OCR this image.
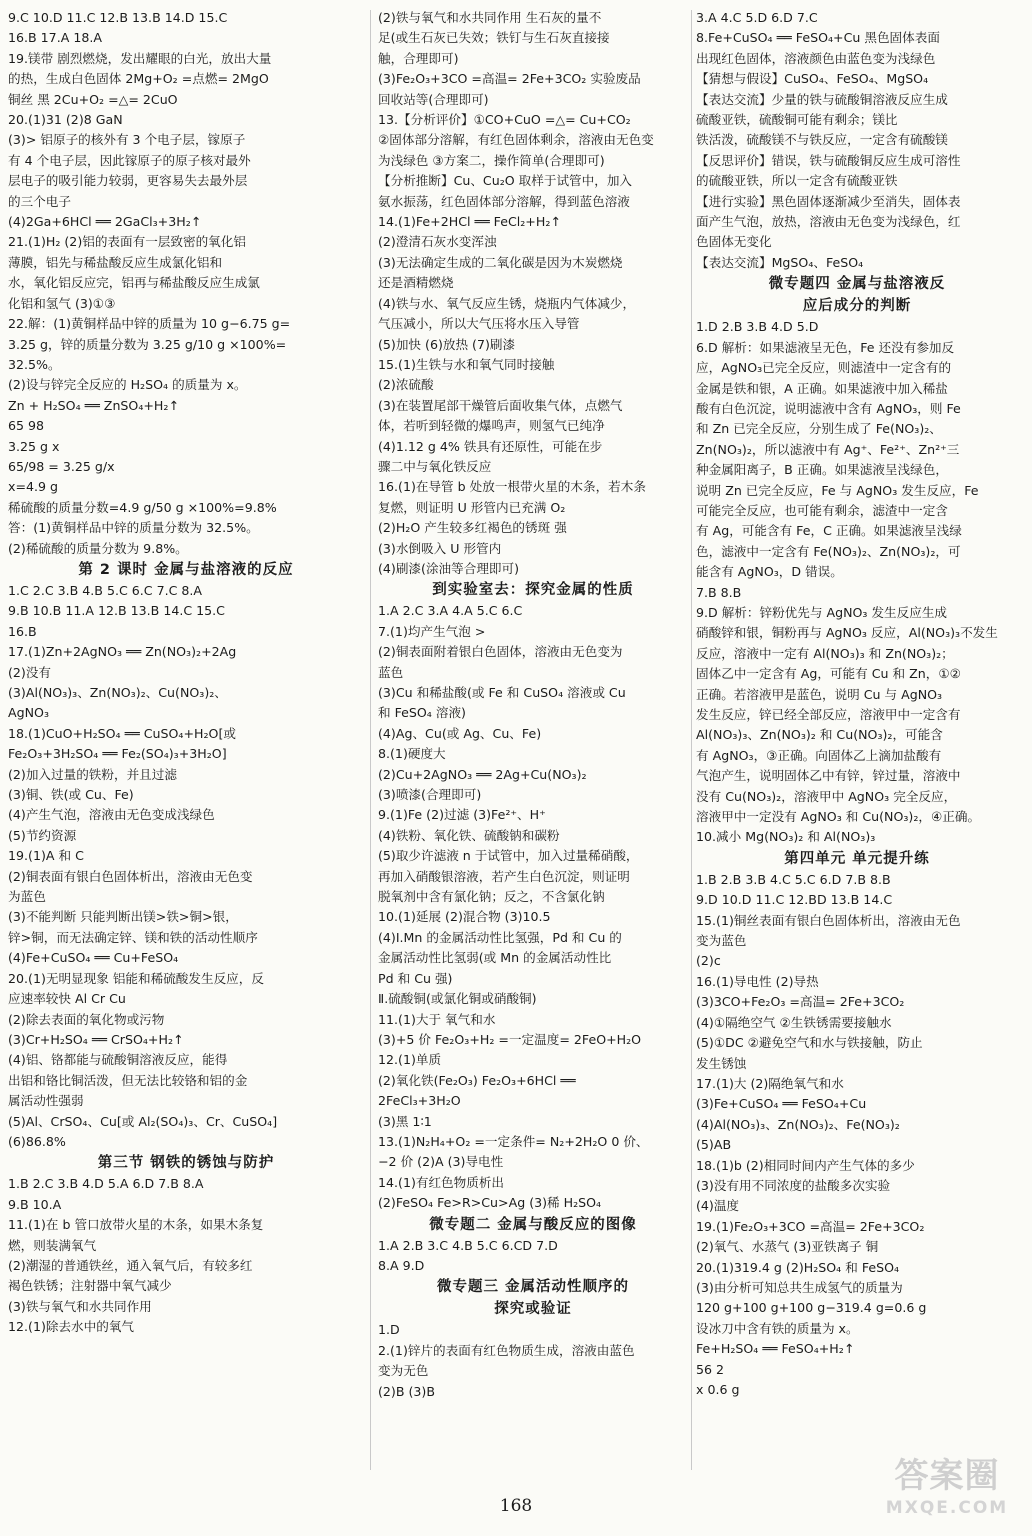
9.C 10.D 11.C 12.B 13.B 14.D 15.C
16.B 17.A 18.A
19.镁带 剧烈燃烧，发出耀眼的白光，放出大量
的热，生成白色固体 2Mg+O₂ =点燃= 2MgO
铜丝 黑 2Cu+O₂ =△= 2CuO
20.(1)31 (2)8 GaN
(3)> 铝原子的核外有 3 个电子层，镓原子
有 4 个电子层，因此镓原子的原子核对最外
层电子的吸引能力较弱，更容易失去最外层
的三个电子
(4)2Ga+6HCl ══ 2GaCl₃+3H₂↑
21.(1)H₂ (2)铝的表面有一层致密的氧化铝
薄膜，铝先与稀盐酸反应生成氯化铝和
水，氧化铝反应完，铝再与稀盐酸反应生成氯
化铝和氢气 (3)①③
22.解：(1)黄铜样品中锌的质量为 10 g−6.75 g=
3.25 g，锌的质量分数为 3.25 g/10 g ×100%=
32.5%。
(2)设与锌完全反应的 H₂SO₄ 的质量为 x。
Zn + H₂SO₄ ══ ZnSO₄+H₂↑
65 98
3.25 g x
65/98 = 3.25 g/x
x=4.9 g
稀硫酸的质量分数=4.9 g/50 g ×100%=9.8%
答：(1)黄铜样品中锌的质量分数为 32.5%。
(2)稀硫酸的质量分数为 9.8%。
第 2 课时 金属与盐溶液的反应
1.C 2.C 3.B 4.B 5.C 6.C 7.C 8.A
9.B 10.B 11.A 12.B 13.B 14.C 15.C
16.B
17.(1)Zn+2AgNO₃ ══ Zn(NO₃)₂+2Ag
(2)没有
(3)Al(NO₃)₃、Zn(NO₃)₂、Cu(NO₃)₂、
AgNO₃
18.(1)CuO+H₂SO₄ ══ CuSO₄+H₂O[或
Fe₂O₃+3H₂SO₄ ══ Fe₂(SO₄)₃+3H₂O]
(2)加入过量的铁粉，并且过滤
(3)铜、铁(或 Cu、Fe)
(4)产生气泡，溶液由无色变成浅绿色
(5)节约资源
19.(1)A 和 C
(2)铜表面有银白色固体析出，溶液由无色变
为蓝色
(3)不能判断 只能判断出镁>铁>铜>银，
锌>铜，而无法确定锌、镁和铁的活动性顺序
(4)Fe+CuSO₄ ══ Cu+FeSO₄
20.(1)无明显现象 铝能和稀硫酸发生反应，反
应速率较快 Al Cr Cu
(2)除去表面的氧化物或污物
(3)Cr+H₂SO₄ ══ CrSO₄+H₂↑
(4)铝、铬都能与硫酸铜溶液反应，能得
出铝和铬比铜活泼，但无法比较铬和铝的金
属活动性强弱
(5)Al、CrSO₄、Cu[或 Al₂(SO₄)₃、Cr、CuSO₄]
(6)86.8%
第三节 钢铁的锈蚀与防护
1.B 2.C 3.B 4.D 5.A 6.D 7.B 8.A
9.B 10.A
11.(1)在 b 管口放带火星的木条，如果木条复
燃，则装满氧气
(2)潮湿的普通铁丝，通入氧气后，有较多红
褐色铁锈；注射器中氧气减少
(3)铁与氧气和水共同作用
12.(1)除去水中的氧气
(2)铁与氧气和水共同作用 生石灰的量不
足(或生石灰已失效；铁钉与生石灰直接接
触，合理即可)
(3)Fe₂O₃+3CO =高温= 2Fe+3CO₂ 实验废品
回收站等(合理即可)
13.【分析评价】①CO+CuO =△= Cu+CO₂
②固体部分溶解，有红色固体剩余，溶液由无色变
为浅绿色 ③方案二，操作简单(合理即可)
【分析推断】Cu、Cu₂O 取样于试管中，加入
氨水振荡，红色固体部分溶解，得到蓝色溶液
14.(1)Fe+2HCl ══ FeCl₂+H₂↑
(2)澄清石灰水变浑浊
(3)无法确定生成的二氧化碳是因为木炭燃烧
还是酒精燃烧
(4)铁与水、氧气反应生锈，烧瓶内气体减少，
气压减小，所以大气压将水压入导管
(5)加快 (6)放热 (7)刷漆
15.(1)生铁与水和氧气同时接触
(2)浓硫酸
(3)在装置尾部干燥管后面收集气体，点燃气
体，若听到轻微的爆鸣声，则氢气已纯净
(4)1.12 g 4% 铁具有还原性，可能在步
骤二中与氧化铁反应
16.(1)在导管 b 处放一根带火星的木条，若木条
复燃，则证明 U 形管内已充满 O₂
(2)H₂O 产生较多红褐色的锈斑 强
(3)水倒吸入 U 形管内
(4)刷漆(涂油等合理即可)
到实验室去：探究金属的性质
1.A 2.C 3.A 4.A 5.C 6.C
7.(1)均产生气泡 >
(2)铜表面附着银白色固体，溶液由无色变为
蓝色
(3)Cu 和稀盐酸(或 Fe 和 CuSO₄ 溶液或 Cu
和 FeSO₄ 溶液)
(4)Ag、Cu(或 Ag、Cu、Fe)
8.(1)硬度大
(2)Cu+2AgNO₃ ══ 2Ag+Cu(NO₃)₂
(3)喷漆(合理即可)
9.(1)Fe (2)过滤 (3)Fe²⁺、H⁺
(4)铁粉、氧化铁、硫酸钠和碳粉
(5)取少许滤液 n 于试管中，加入过量稀硝酸，
再加入硝酸银溶液，若产生白色沉淀，则证明
脱氧剂中含有氯化钠；反之，不含氯化钠
10.(1)延展 (2)混合物 (3)10.5
(4)Ⅰ.Mn 的金属活动性比氢强，Pd 和 Cu 的
金属活动性比氢弱(或 Mn 的金属活动性比
Pd 和 Cu 强)
Ⅱ.硫酸铜(或氯化铜或硝酸铜)
11.(1)大于 氧气和水
(3)+5 价 Fe₂O₃+H₂ =一定温度= 2FeO+H₂O
12.(1)单质
(2)氧化铁(Fe₂O₃) Fe₂O₃+6HCl ══
2FeCl₃+3H₂O
(3)黑 1∶1
13.(1)N₂H₄+O₂ =一定条件= N₂+2H₂O 0 价、
−2 价 (2)A (3)导电性
14.(1)有红色物质析出
(2)FeSO₄ Fe>R>Cu>Ag (3)稀 H₂SO₄
微专题二 金属与酸反应的图像
1.A 2.B 3.C 4.B 5.C 6.CD 7.D
8.A 9.D
微专题三 金属活动性顺序的
探究或验证
1.D
2.(1)锌片的表面有红色物质生成，溶液由蓝色
变为无色
(2)B (3)B
3.A 4.C 5.D 6.D 7.C
8.Fe+CuSO₄ ══ FeSO₄+Cu 黑色固体表面
出现红色固体，溶液颜色由蓝色变为浅绿色
【猜想与假设】CuSO₄、FeSO₄、MgSO₄
【表达交流】少量的铁与硫酸铜溶液反应生成
硫酸亚铁，硫酸铜可能有剩余；镁比
铁活泼，硫酸镁不与铁反应，一定含有硫酸镁
【反思评价】错误，铁与硫酸铜反应生成可溶性
的硫酸亚铁，所以一定含有硫酸亚铁
【进行实验】黑色固体逐渐减少至消失，固体表
面产生气泡，放热，溶液由无色变为浅绿色，红
色固体无变化
【表达交流】MgSO₄、FeSO₄
微专题四 金属与盐溶液反
应后成分的判断
1.D 2.B 3.B 4.D 5.D
6.D 解析：如果滤液呈无色，Fe 还没有参加反
应，AgNO₃已完全反应，则滤渣中一定含有的
金属是铁和银，A 正确。如果滤液中加入稀盐
酸有白色沉淀，说明滤液中含有 AgNO₃，则 Fe
和 Zn 已完全反应，分别生成了 Fe(NO₃)₂、
Zn(NO₃)₂，所以滤液中有 Ag⁺、Fe²⁺、Zn²⁺三
种金属阳离子，B 正确。如果滤液呈浅绿色，
说明 Zn 已完全反应，Fe 与 AgNO₃ 发生反应，Fe
可能完全反应，也可能有剩余，滤渣中一定含
有 Ag，可能含有 Fe，C 正确。如果滤液呈浅绿
色，滤液中一定含有 Fe(NO₃)₂、Zn(NO₃)₂，可
能含有 AgNO₃，D 错误。
7.B 8.B
9.D 解析：锌粉优先与 AgNO₃ 发生反应生成
硝酸锌和银，铜粉再与 AgNO₃ 反应，Al(NO₃)₃不发生
反应，溶液中一定有 Al(NO₃)₃ 和 Zn(NO₃)₂；
固体乙中一定含有 Ag，可能有 Cu 和 Zn，①②
正确。若溶液甲是蓝色，说明 Cu 与 AgNO₃
发生反应，锌已经全部反应，溶液甲中一定含有
Al(NO₃)₃、Zn(NO₃)₂ 和 Cu(NO₃)₂，可能含
有 AgNO₃，③正确。向固体乙上滴加盐酸有
气泡产生，说明固体乙中有锌，锌过量，溶液中
没有 Cu(NO₃)₂，溶液甲中 AgNO₃ 完全反应，
溶液甲中一定没有 AgNO₃ 和 Cu(NO₃)₂，④正确。
10.减小 Mg(NO₃)₂ 和 Al(NO₃)₃
第四单元 单元提升练
1.B 2.B 3.B 4.C 5.C 6.D 7.B 8.B
9.D 10.D 11.C 12.BD 13.B 14.C
15.(1)铜丝表面有银白色固体析出，溶液由无色
变为蓝色
(2)c
16.(1)导电性 (2)导热
(3)3CO+Fe₂O₃ =高温= 2Fe+3CO₂
(4)①隔绝空气 ②生铁锈需要接触水
(5)①DC ②避免空气和水与铁接触，防止
发生锈蚀
17.(1)大 (2)隔绝氧气和水
(3)Fe+CuSO₄ ══ FeSO₄+Cu
(4)Al(NO₃)₃、Zn(NO₃)₂、Fe(NO₃)₂
(5)AB
18.(1)b (2)相同时间内产生气体的多少
(3)没有用不同浓度的盐酸多次实验
(4)温度
19.(1)Fe₂O₃+3CO =高温= 2Fe+3CO₂
(2)氧气、水蒸气 (3)亚铁离子 铜
20.(1)319.4 g (2)H₂SO₄ 和 FeSO₄
(3)由分析可知总共生成氢气的质量为
120 g+100 g+100 g−319.4 g=0.6 g
设冰刀中含有铁的质量为 x。
Fe+H₂SO₄ ══ FeSO₄+H₂↑
56 2
x 0.6 g
168
答案圈
MXQE.COM
